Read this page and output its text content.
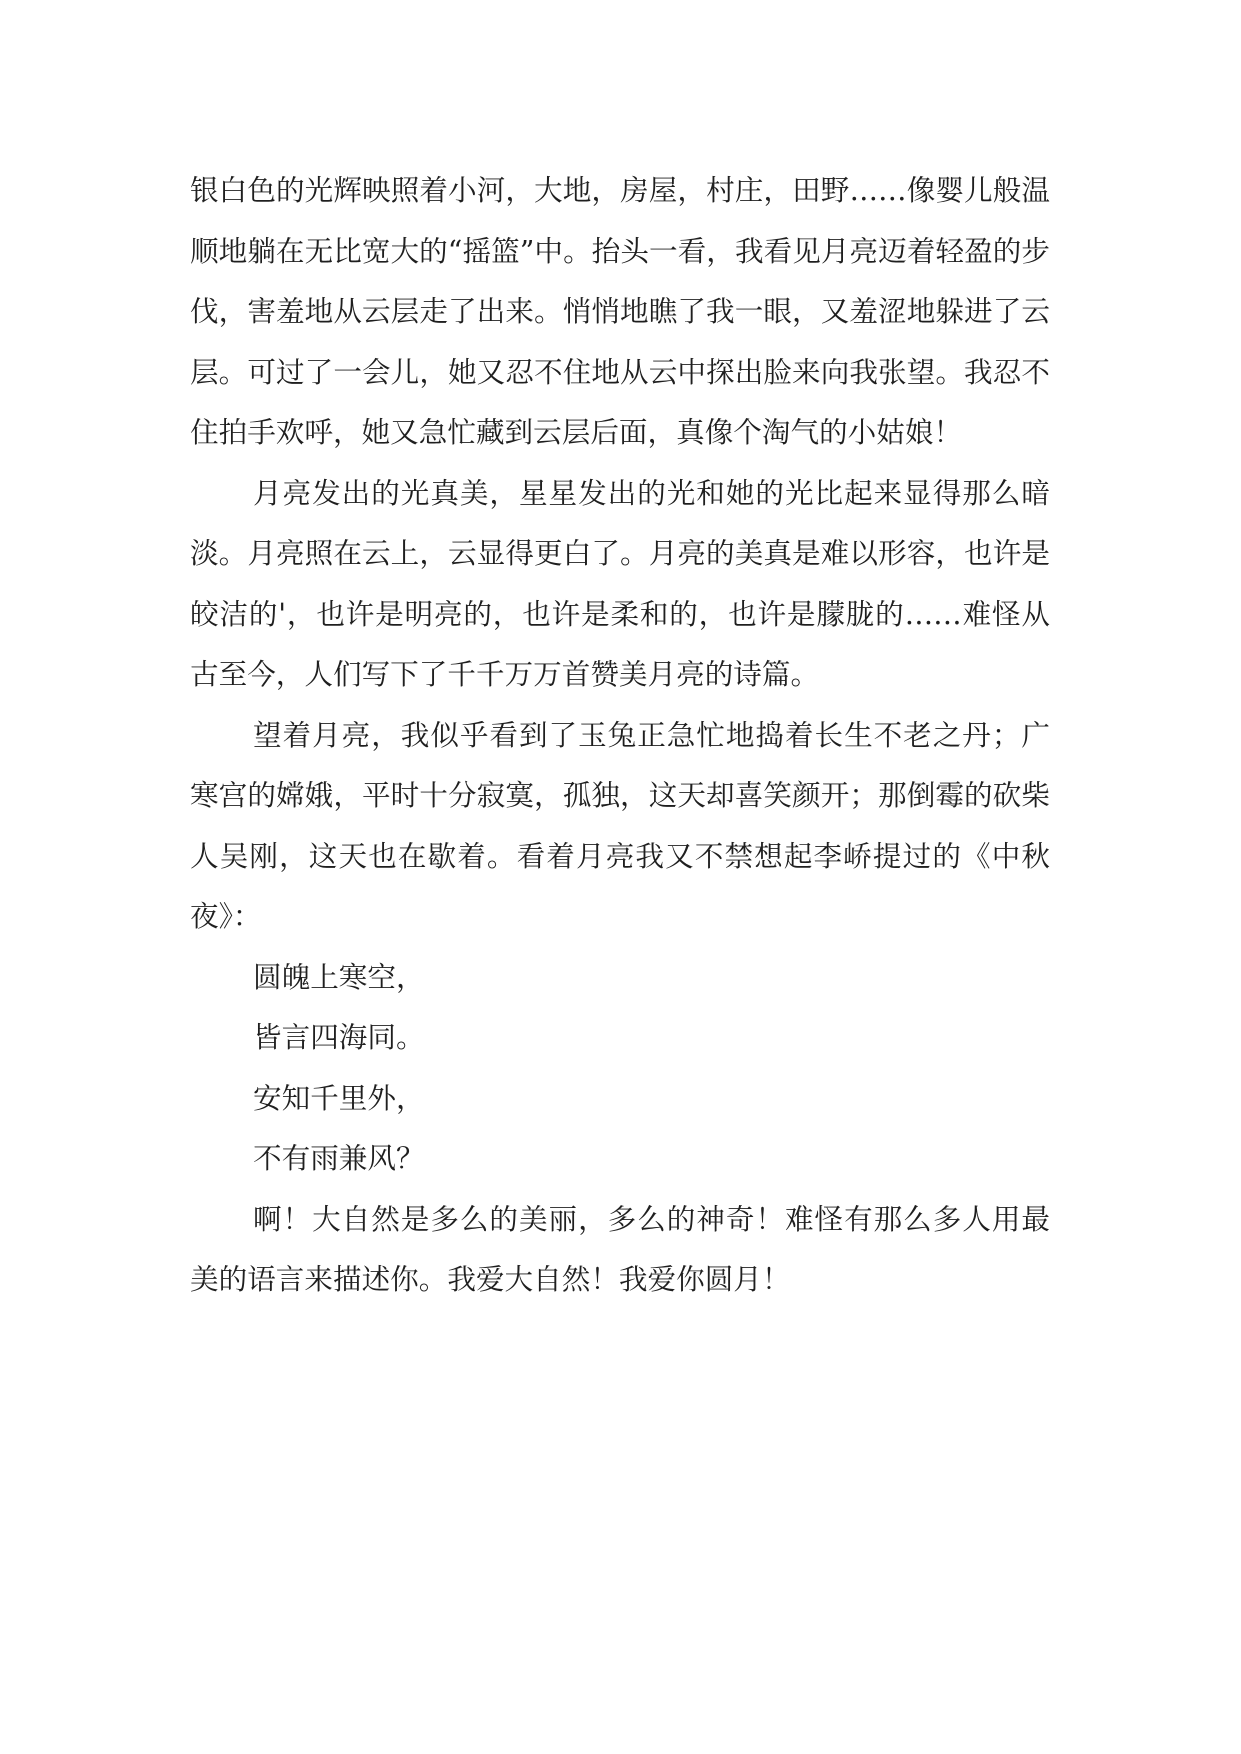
银白色的光辉映照着小河，大地，房屋，村庄，田野……像婴儿般温顺地躺在无比宽大的“摇篮”中。抬头一看，我看见月亮迈着轻盈的步伐，害羞地从云层走了出来。悄悄地瞧了我一眼，又羞涩地躲进了云层。可过了一会儿，她又忍不住地从云中探出脸来向我张望。我忍不住拍手欢呼，她又急忙藏到云层后面，真像个淘气的小姑娘！

月亮发出的光真美，星星发出的光和她的光比起来显得那么暗淡。月亮照在云上，云显得更白了。月亮的美真是难以形容，也许是皎洁的'，也许是明亮的，也许是柔和的，也许是朦胧的……难怪从古至今，人们写下了千千万万首赞美月亮的诗篇。

望着月亮，我似乎看到了玉兔正急忙地捣着长生不老之丹；广寒宫的嫦娥，平时十分寂寞，孤独，这天却喜笑颜开；那倒霉的砍柴人吴刚，这天也在歇着。看着月亮我又不禁想起李峤提过的《中秋夜》：

圆魄上寒空，

皆言四海同。

安知千里外，

不有雨兼风？

啊！大自然是多么的美丽，多么的神奇！难怪有那么多人用最美的语言来描述你。我爱大自然！我爱你圆月！
